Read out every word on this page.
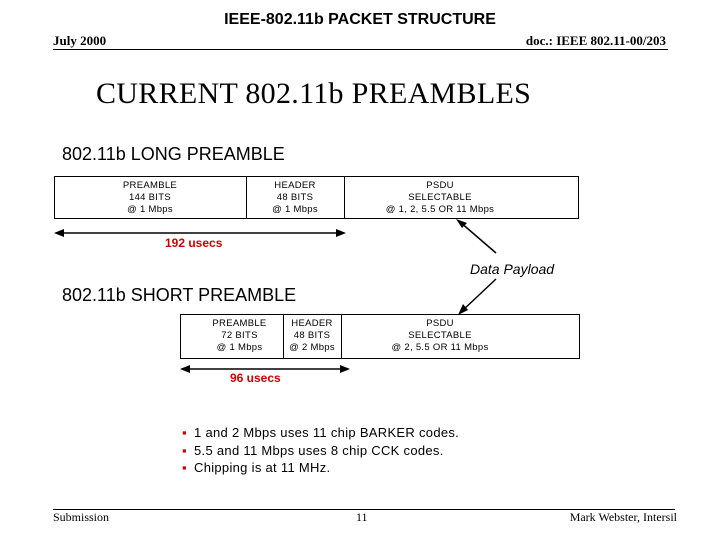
IEEE-802.11b PACKET STRUCTURE
July 2000	doc.: IEEE 802.11-00/203
CURRENT 802.11b PREAMBLES
802.11b LONG PREAMBLE
PREAMBLE
144 BITS
@ 1 Mbps
HEADER
48 BITS
@ 1 Mbps
PSDU
SELECTABLE
@ 1, 2, 5.5 OR 11 Mbps
192 usecs
Data Payload
802.11b SHORT PREAMBLE
PREAMBLE
72 BITS
@ 1 Mbps
HEADER
48 BITS
@ 2 Mbps
PSDU
SELECTABLE
@ 2, 5.5 OR 11 Mbps
96 usecs
▪ 1 and 2 Mbps uses 11 chip BARKER codes.
▪ 5.5 and 11 Mbps uses 8 chip CCK codes.
▪ Chipping is at 11 MHz.
Submission	11	Mark Webster, Intersil
